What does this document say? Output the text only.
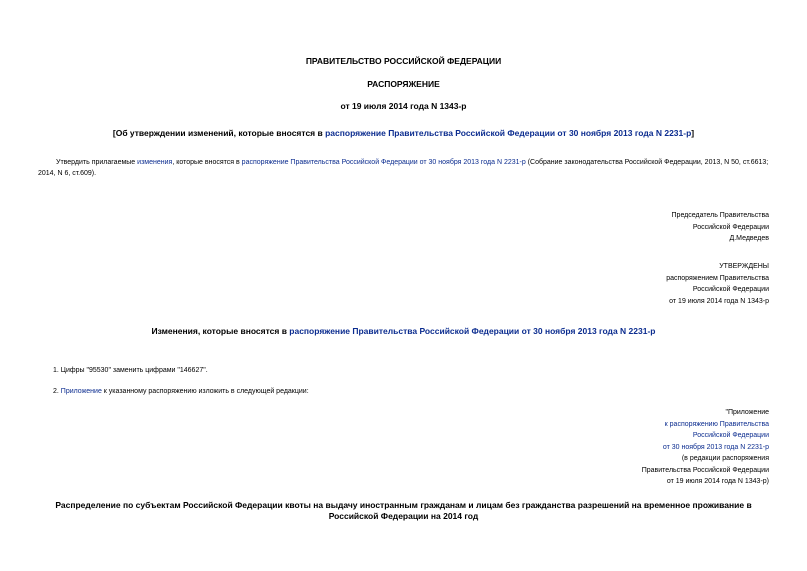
ПРАВИТЕЛЬСТВО РОССИЙСКОЙ ФЕДЕРАЦИИ
РАСПОРЯЖЕНИЕ
от 19 июля 2014 года N 1343-р
[Об утверждении изменений, которые вносятся в распоряжение Правительства Российской Федерации от 30 ноября 2013 года N 2231-р]
Утвердить прилагаемые изменения, которые вносятся в распоряжение Правительства Российской Федерации от 30 ноября 2013 года N 2231-р (Собрание законодательства Российской Федерации, 2013, N 50, ст.6613; 2014, N 6, ст.609).
Председатель Правительства
Российской Федерации
Д.Медведев
УТВЕРЖДЕНЫ
распоряжением Правительства
Российской Федерации
от 19 июля 2014 года N 1343-р
Изменения, которые вносятся в распоряжение Правительства Российской Федерации от 30 ноября 2013 года N 2231-р
1. Цифры "95530" заменить цифрами "146627".
2. Приложение к указанному распоряжению изложить в следующей редакции:
"Приложение
к распоряжению Правительства
Российской Федерации
от 30 ноября 2013 года N 2231-р
(в редакции распоряжения
Правительства Российской Федерации
от 19 июля 2014 года N 1343-р)
Распределение по субъектам Российской Федерации квоты на выдачу иностранным гражданам и лицам без гражданства разрешений на временное проживание в Российской Федерации на 2014 год
